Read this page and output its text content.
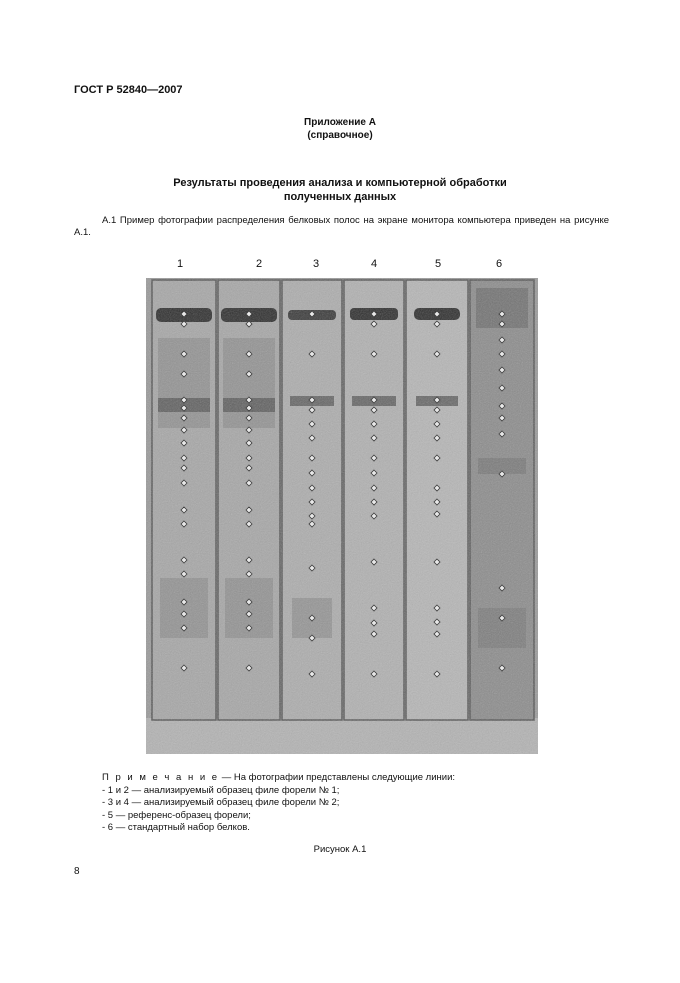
ГОСТ Р 52840—2007
Приложение А
(справочное)
Результаты проведения анализа и компьютерной обработки
полученных данных
А.1 Пример фотографии распределения белковых полос на экране монитора компьютера приведен на рисунке А.1.
1	2	3	4	5	6
П р и м е ч а н и е — На фотографии представлены следующие линии:
- 1 и 2 — анализируемый образец филе форели № 1;
- 3 и 4 — анализируемый образец филе форели № 2;
- 5 — референс-образец форели;
- 6 — стандартный набор белков.
Рисунок А.1
8
